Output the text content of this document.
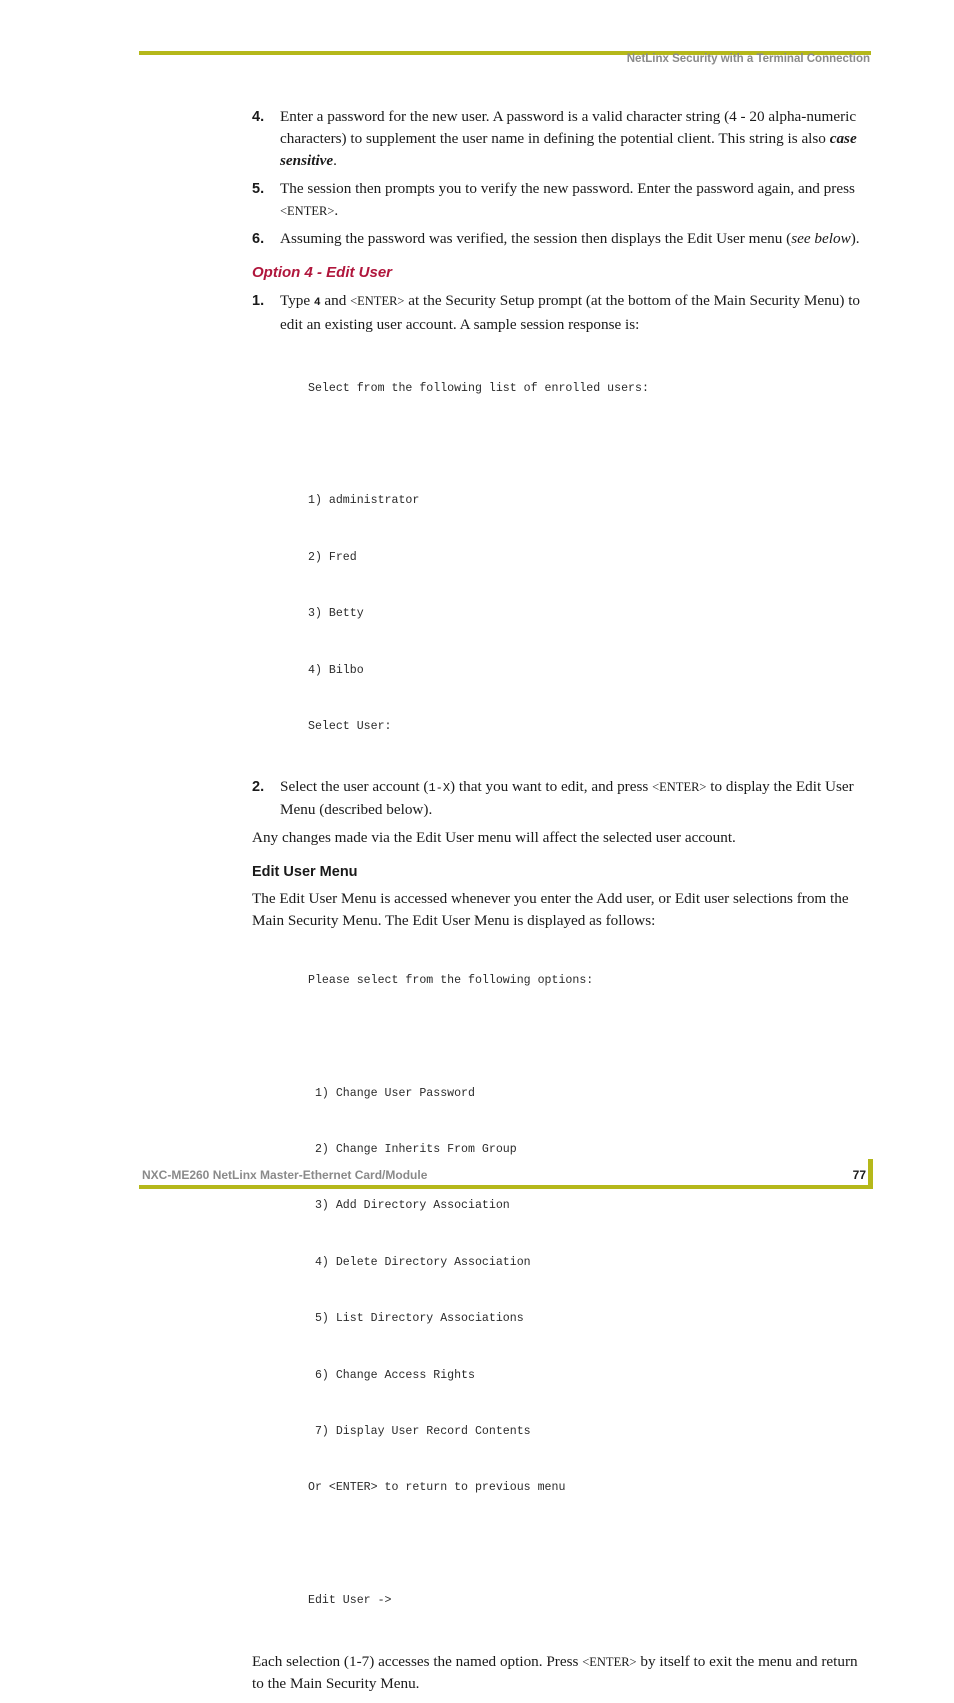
NetLinx Security with a Terminal Connection
4. Enter a password for the new user. A password is a valid character string (4 - 20 alpha-numeric characters) to supplement the user name in defining the potential client. This string is also case sensitive.
5. The session then prompts you to verify the new password. Enter the password again, and press <ENTER>.
6. Assuming the password was verified, the session then displays the Edit User menu (see below).
Option 4 - Edit User
1. Type 4 and <ENTER> at the Security Setup prompt (at the bottom of the Main Security Menu) to edit an existing user account. A sample session response is:

Select from the following list of enrolled users:

1) administrator

2) Fred

3) Betty

4) Bilbo

Select User:

2. Select the user account (1-X) that you want to edit, and press <ENTER> to display the Edit User Menu (described below).
Any changes made via the Edit User menu will affect the selected user account.
Edit User Menu
The Edit User Menu is accessed whenever you enter the Add user, or Edit user selections from the Main Security Menu. The Edit User Menu is displayed as follows:

Please select from the following options:

1) Change User Password

2) Change Inherits From Group

3) Add Directory Association

4) Delete Directory Association

5) List Directory Associations

6) Change Access Rights

7) Display User Record Contents

Or <ENTER> to return to previous menu

Edit User ->

Each selection (1-7) accesses the named option. Press <ENTER> by itself to exit the menu and return to the Main Security Menu.
NXC-ME260 NetLinx Master-Ethernet Card/Module	77
